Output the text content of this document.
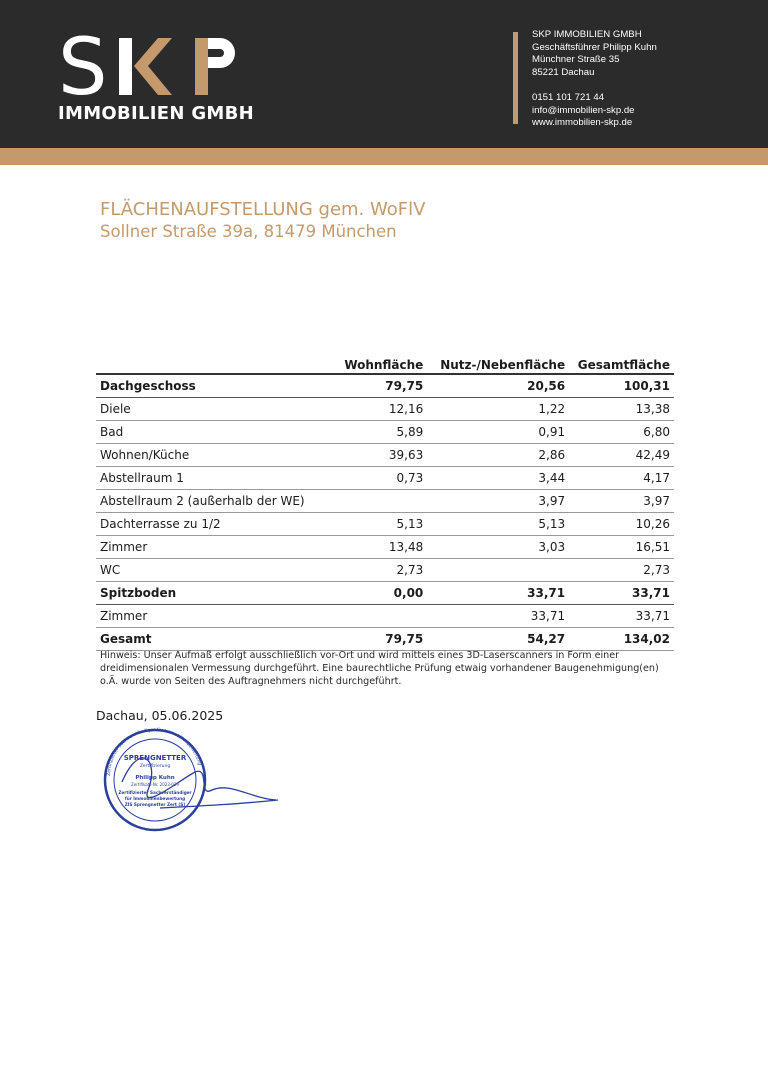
S
IMMOBILIEN GMBH
SKP IMMOBILIEN GMBH
Geschäftsführer Philipp Kuhn
Münchner Straße 35
85221 Dachau
0151 101 721 44
info@immobilien-skp.de
www.immobilien-skp.de
FLÄCHENAUFSTELLUNG gem. WoFlV
Sollner Straße 39a, 81479 München
	Wohnfläche	Nutz-/Nebenfläche	Gesamtfläche
Dachgeschoss	79,75	20,56	100,31
Diele	12,16	1,22	13,38
Bad	5,89	0,91	6,80
Wohnen/Küche	39,63	2,86	42,49
Abstellraum 1	0,73	3,44	4,17
Abstellraum 2 (außerhalb der WE)		3,97	3,97
Dachterrasse zu 1/2	5,13	5,13	10,26
Zimmer	13,48	3,03	16,51
WC	2,73		2,73
Spitzboden	0,00	33,71	33,71
Zimmer		33,71	33,71
Gesamt	79,75	54,27	134,02
Hinweis: Unser Aufmaß erfolgt ausschließlich vor-Ort und wird mittels eines 3D-Laserscanners in Form einer dreidimensionalen Vermessung durchgeführt. Eine baurechtliche Prüfung etwaig vorhandener Baugenehmigung(en) o.Ä. wurde von Seiten des Auftragnehmers nicht durchgeführt.
Dachau, 05.06.2025
Zertifizierter Sachverständiger für Immobilienbewertung
SPRENGNETTER
Zertifizierung
Philipp Kuhn
Zertifikats-Nr. 2023-029
Zertifizierter Sachverständiger
für Immobilienbewertung
ZIS Sprengnetter Zert (S)
